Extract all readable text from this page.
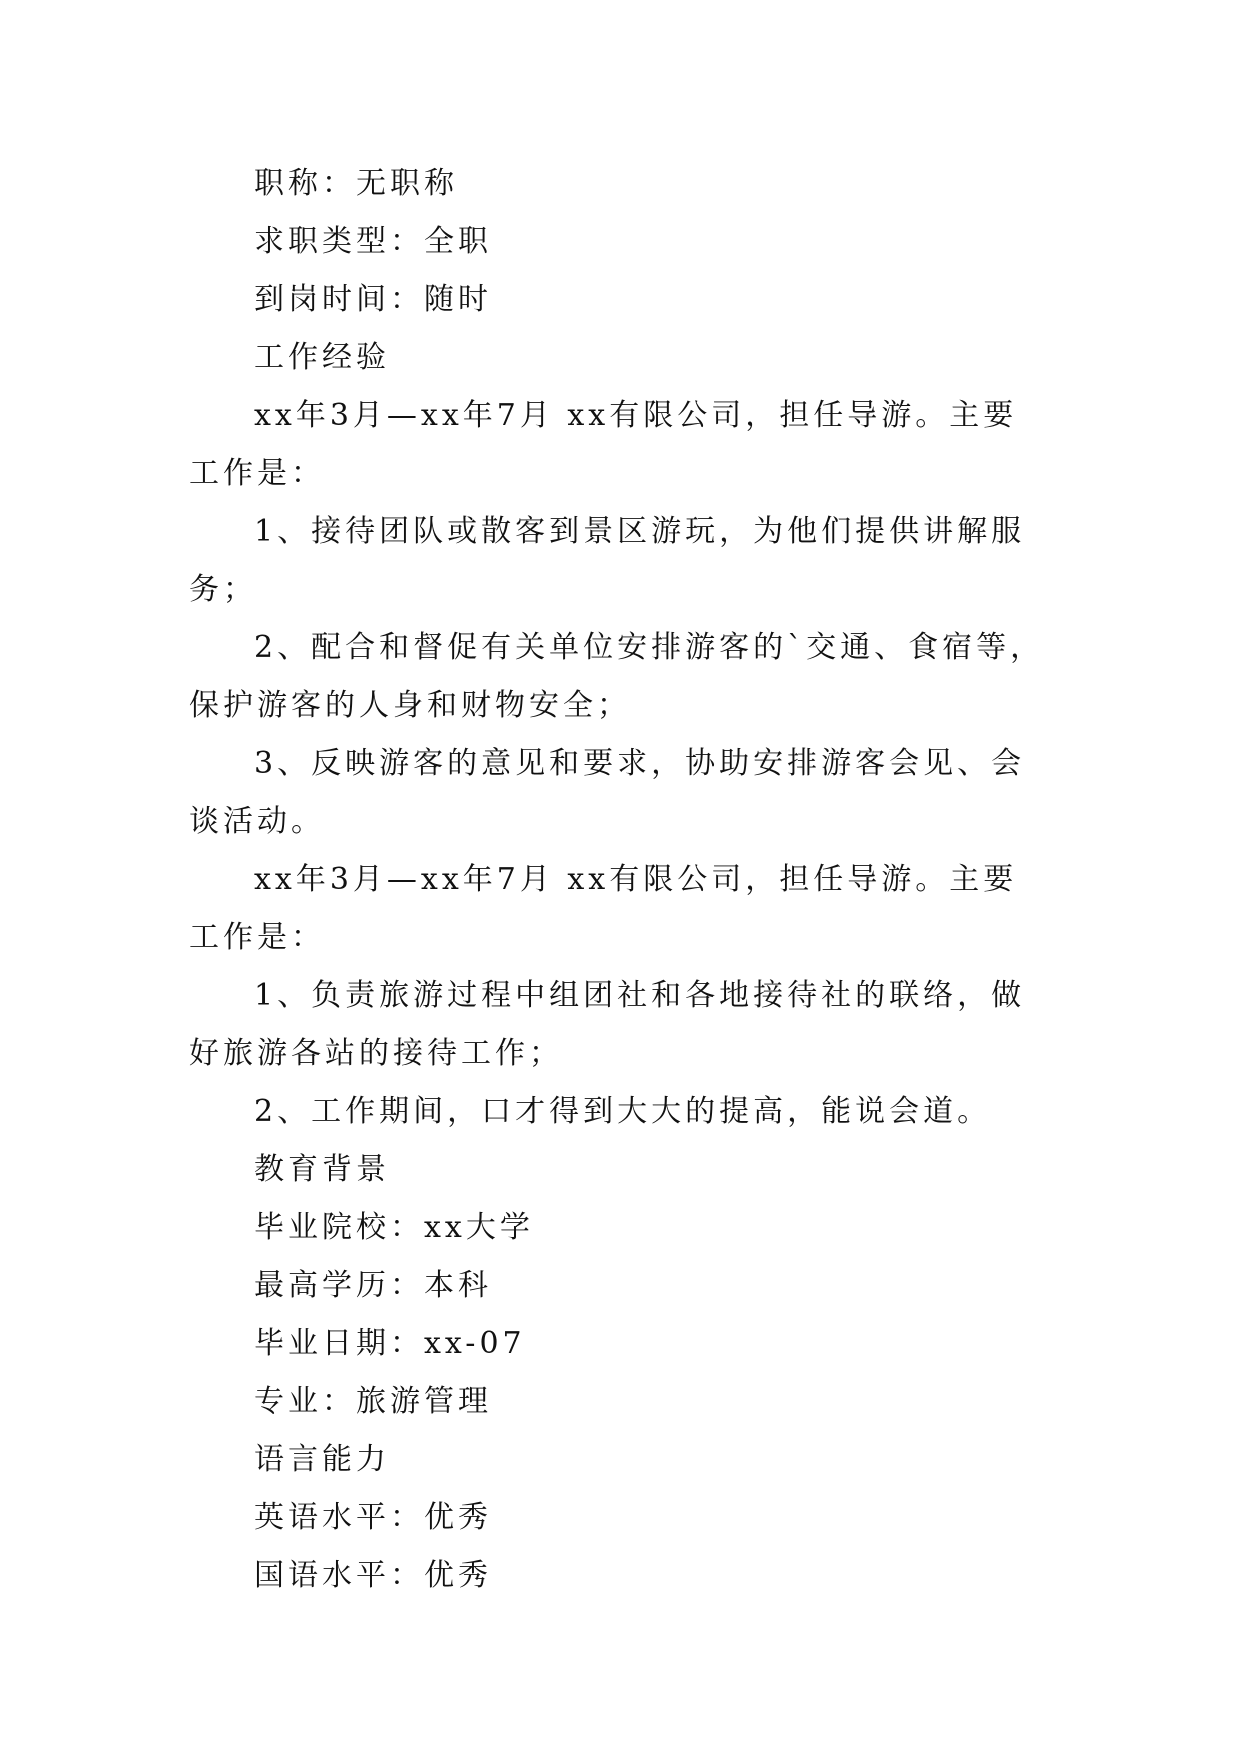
职称：无职称

求职类型：全职

到岗时间：随时

工作经验

xx年3月—xx年7月 xx有限公司，担任导游。主要工作是：

1、接待团队或散客到景区游玩，为他们提供讲解服务；

2、配合和督促有关单位安排游客的`交通、食宿等，保护游客的人身和财物安全；

3、反映游客的意见和要求，协助安排游客会见、会谈活动。

xx年3月—xx年7月 xx有限公司，担任导游。主要工作是：

1、负责旅游过程中组团社和各地接待社的联络，做好旅游各站的接待工作；

2、工作期间，口才得到大大的提高，能说会道。

教育背景

毕业院校：xx大学

最高学历：本科

毕业日期：xx-07

专业：旅游管理

语言能力

英语水平：优秀

国语水平：优秀
